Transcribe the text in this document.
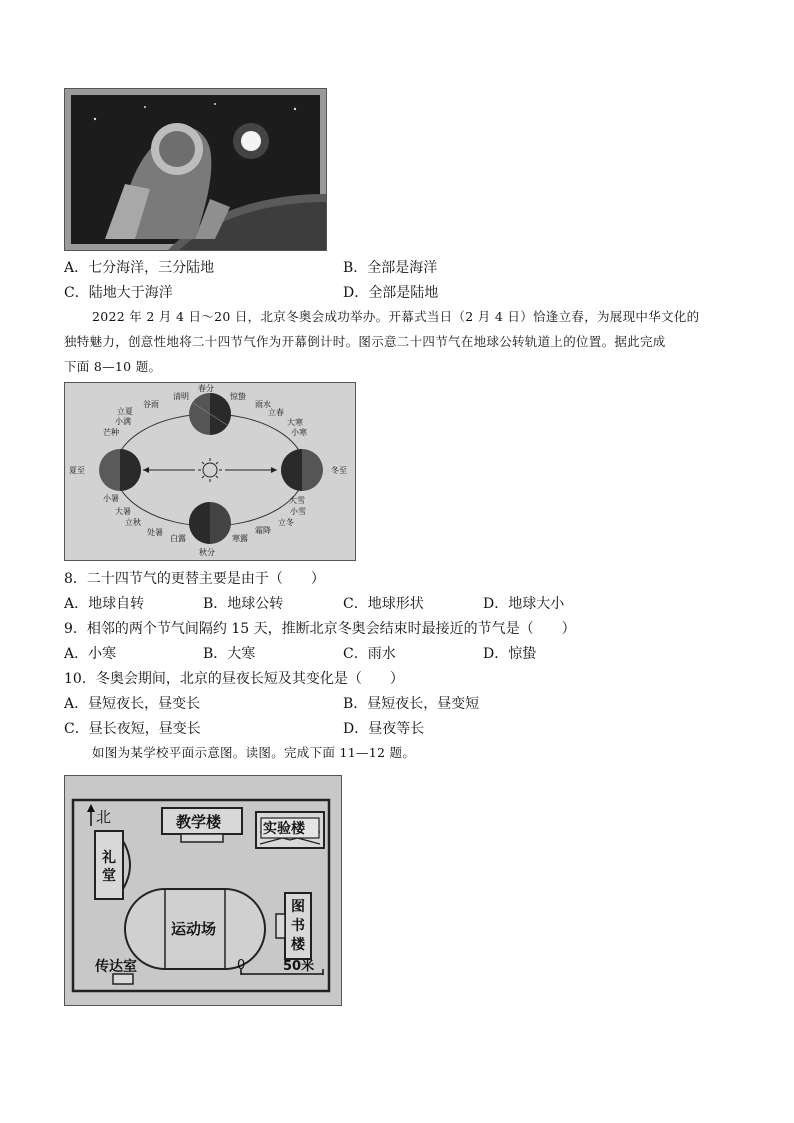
A．七分海洋，三分陆地	B．全部是海洋
C．陆地大于海洋	D．全部是陆地
2022 年 2 月 4 日～20 日，北京冬奥会成功举办。开幕式当日（2 月 4 日）恰逢立春，为展现中华文化的
独特魅力，创意性地将二十四节气作为开幕倒计时。图示意二十四节气在地球公转轨道上的位置。据此完成
下面 8—10 题。
春分
清明
谷雨
立夏
小满
芒种
夏至
小暑
大暑
立秋
处暑
白露
秋分
寒露
霜降
立冬
小雪
大雪
冬至
小寒
大寒
立春
雨水
惊蛰
8．二十四节气的更替主要是由于（　　）
A．地球自转	B．地球公转	C．地球形状	D．地球大小
9．相邻的两个节气间隔约 15 天，推断北京冬奥会结束时最接近的节气是（　　）
A．小寒	B．大寒	C．雨水	D．惊蛰
10．冬奥会期间，北京的昼夜长短及其变化是（　　）
A．昼短夜长，昼变长	B．昼短夜长，昼变短
C．昼长夜短，昼变长	D．昼夜等长
如图为某学校平面示意图。读图。完成下面 11—12 题。
北	教学楼	实验楼
礼
堂
运动场
图
书
楼
传达室	0	50米
